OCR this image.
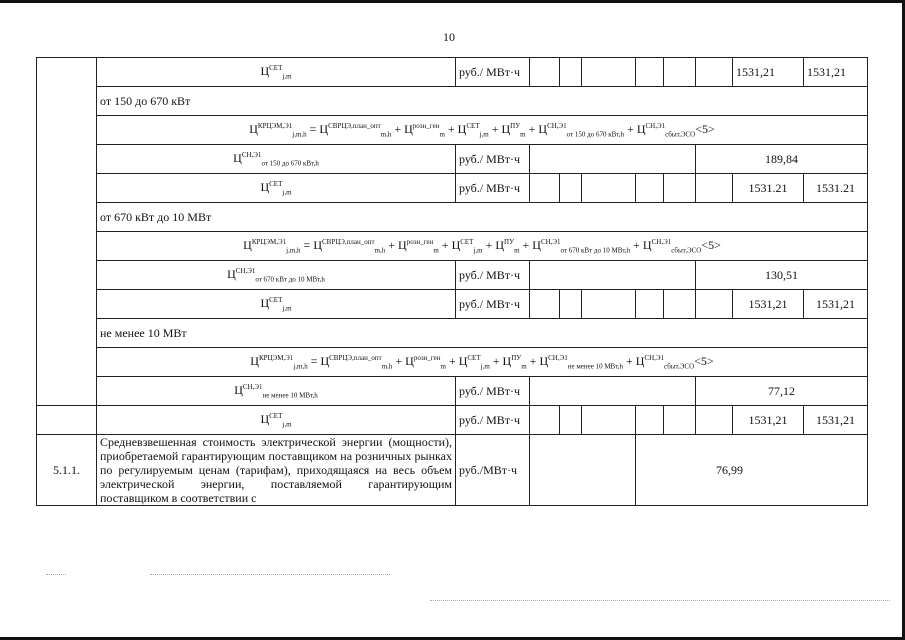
10
	$Ц^{СЕТ}_{j,m}$	руб./ МВт·ч							1531,21	1531,21
	от 150 до 670 кВт									
	$Ц^{КРЦЭМ,Э1}_{j,m,h} = Ц^{СВРЦЭ,план\_опт}_{m,h} + Ц^{розн\_ген}_m + Ц^{СЕТ}_{j,m} + Ц^{ПУ}_m + Ц^{СН,Э1}_{от 150 до 670 кВт,h} + Ц^{СН,Э1}_{сбыт,ЭСО}<5>$									
	$Ц^{СН,Э1}_{от 150 до 670 кВт,h}$	руб./ МВт·ч						189,84		
	$Ц^{СЕТ}_{j,m}$	руб./ МВт·ч							1531.21	1531.21
	от 670 кВт до 10 МВт									
	$Ц^{КРЦЭМ,Э1}_{j,m,h} = Ц^{СВРЦЭ,план\_опт}_{m,h} + Ц^{розн\_ген}_m + Ц^{СЕТ}_{j,m} + Ц^{ПУ}_m + Ц^{СН,Э1}_{от 670 кВт до 10 МВт,h} + Ц^{СН,Э1}_{сбыт,ЭСО}<5>$									
	$Ц^{СН,Э1}_{от 670 кВт до 10 МВт,h}$	руб./ МВт·ч						130,51		
	$Ц^{СЕТ}_{j,m}$	руб./ МВт·ч							1531,21	1531,21
	не менее 10 МВт									
	$Ц^{КРЦЭМ,Э1}_{j,m,h} = Ц^{СВРЦЭ,план\_опт}_{m,h} + Ц^{розн\_ген}_m + Ц^{СЕТ}_{j,m} + Ц^{ПУ}_m + Ц^{СН,Э1}_{не менее 10 МВт,h} + Ц^{СН,Э1}_{сбыт,ЭСО}<5>$									
	$Ц^{СН,Э1}_{не менее 10 МВт,h}$	руб./ МВт·ч						77,12		
	$Ц^{СЕТ}_{j,m}$	руб./ МВт·ч							1531,21	1531,21
5.1.1.	Средневзвешенная стоимость электрической энергии (мощности), приобретаемой гарантирующим поставщиком на розничных рынках по регулируемым ценам (тарифам), приходящаяся на весь объем электрической энергии, поставляемой гарантирующим поставщиком в соответствии с	руб./МВт·ч				76,99				
